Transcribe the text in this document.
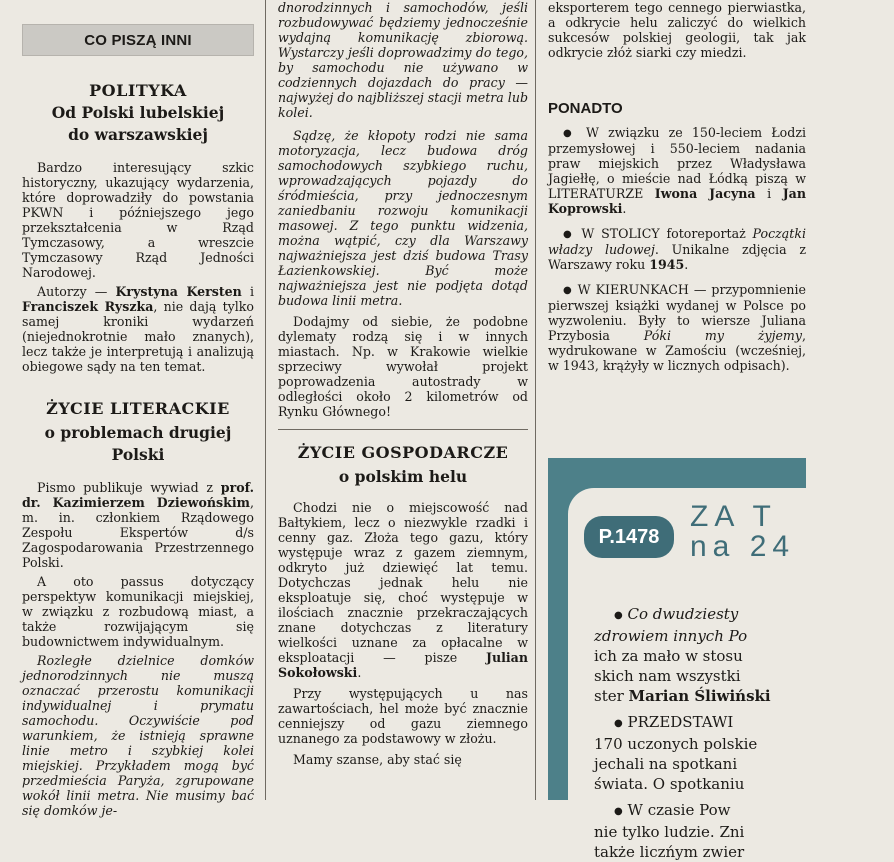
CO PISZĄ INNI
POLITYKA
Od Polski lubelskiej
do warszawskiej

Bardzo interesujący szkic historyczny, ukazujący wydarzenia, które doprowadziły do powstania PKWN i późniejszego jego przekształcenia w Rząd Tymczasowy, a wreszcie Tymczasowy Rząd Jedności Narodowej.

Autorzy — Krystyna Kersten i Franciszek Ryszka, nie dają tylko samej kroniki wydarzeń (niejednokrotnie mało znanych), lecz także je interpretują i analizują obiegowe sądy na ten temat.

ŻYCIE LITERACKIE
o problemach drugiej Polski

Pismo publikuje wywiad z prof. dr. Kazimierzem Dziewońskim, m. in. członkiem Rządowego Zespołu Ekspertów d/s Zagospodarowania Przestrzennego Polski.

A oto passus dotyczący perspektyw komunikacji miejskiej, w związku z rozbudową miast, a także rozwijającym się budownictwem indywidualnym.

Rozległe dzielnice domków jednorodzinnych nie muszą oznaczać przerostu komunikacji indywidualnej i prymatu samochodu. Oczywiście pod warunkiem, że istnieją sprawne linie metro i szybkiej kolei miejskiej. Przykładem mogą być przedmieścia Paryża, zgrupowane wokół linii metra. Nie musimy bać się domków je-

dnorodzinnych i samochodów, jeśli rozbudowywać będziemy jednocześnie wydajną komunikację zbiorową. Wystarczy jeśli doprowadzimy do tego, by samochodu nie używano w codziennych dojazdach do pracy — najwyżej do najbliższej stacji metra lub kolei.

Sądzę, że kłopoty rodzi nie sama motoryzacja, lecz budowa dróg samochodowych szybkiego ruchu, wprowadzających pojazdy do śródmieścia, przy jednoczesnym zaniedbaniu rozwoju komunikacji masowej. Z tego punktu widzenia, można wątpić, czy dla Warszawy najważniejsza jest dziś budowa Trasy Łazienkowskiej. Być może najważniejsza jest nie podjęta dotąd budowa linii metra.

Dodajmy od siebie, że podobne dylematy rodzą się i w innych miastach. Np. w Krakowie wielkie sprzeciwy wywołał projekt poprowadzenia autostrady w odległości około 2 kilometrów od Rynku Głównego!

ŻYCIE GOSPODARCZE
o polskim helu

Chodzi nie o miejscowość nad Bałtykiem, lecz o niezwykle rzadki i cenny gaz. Złoża tego gazu, który występuje wraz z gazem ziemnym, odkryto już dziewięć lat temu. Dotychczas jednak helu nie eksploatuje się, choć występuje w ilościach znacznie przekraczających znane dotychczas z literatury wielkości uznane za opłacalne w eksploatacji — pisze Julian Sokołowski.

Przy występujących u nas zawartościach, hel może być znacznie cenniejszy od gazu ziemnego uznanego za podstawowy w złożu.

Mamy szanse, aby stać się

eksporterem tego cennego pierwiastka, a odkrycie helu zaliczyć do wielkich sukcesów polskiej geologii, tak jak odkrycie złóż siarki czy miedzi.

PONADTO

● W związku ze 150-leciem Łodzi przemysłowej i 550-leciem nadania praw miejskich przez Władysława Jagiełłę, o mieście nad Łódką piszą w LITERATURZE Iwona Jacyna i Jan Koprowski.

● W STOLICY fotoreportaż Początki władzy ludowej. Unikalne zdjęcia z Warszawy roku 1945.

● W KIERUNKACH — przypomnienie pierwszej książki wydanej w Polsce po wyzwoleniu. Były to wiersze Juliana Przybosia Póki my żyjemy, wydrukowane w Zamościu (wcześniej, w 1943, krążyły w licznych odpisach).

P.1478
ZA T
na 24

● Co dwudziesty

zdrowiem innych Po

ich za mało w stosu

skich nam wszystki

ster Marian Śliwiński

● PRZEDSTAWI

170 uczonych polskie

jechali na spotkani

świata. O spotkaniu

● W czasie Pow

nie tylko ludzie. Zni

także liczńym zwier
